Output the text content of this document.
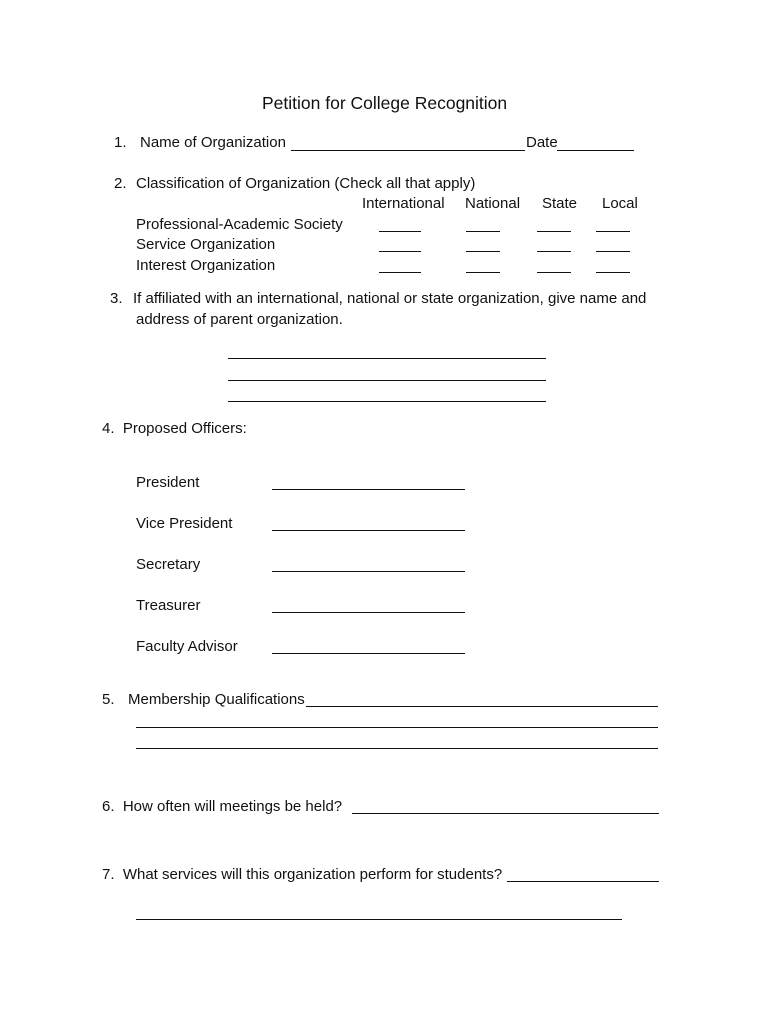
Petition for College Recognition
1. Name of Organization	Date
2. Classification of Organization (Check all that apply)
International National State Local
Professional-Academic Society
Service Organization
Interest Organization
3. If affiliated with an international, national or state organization, give name and
address of parent organization.
4.  Proposed Officers:
President
Vice President
Secretary
Treasurer
Faculty Advisor
5. Membership Qualifications
6.  How often will meetings be held?
7.  What services will this organization perform for students?
